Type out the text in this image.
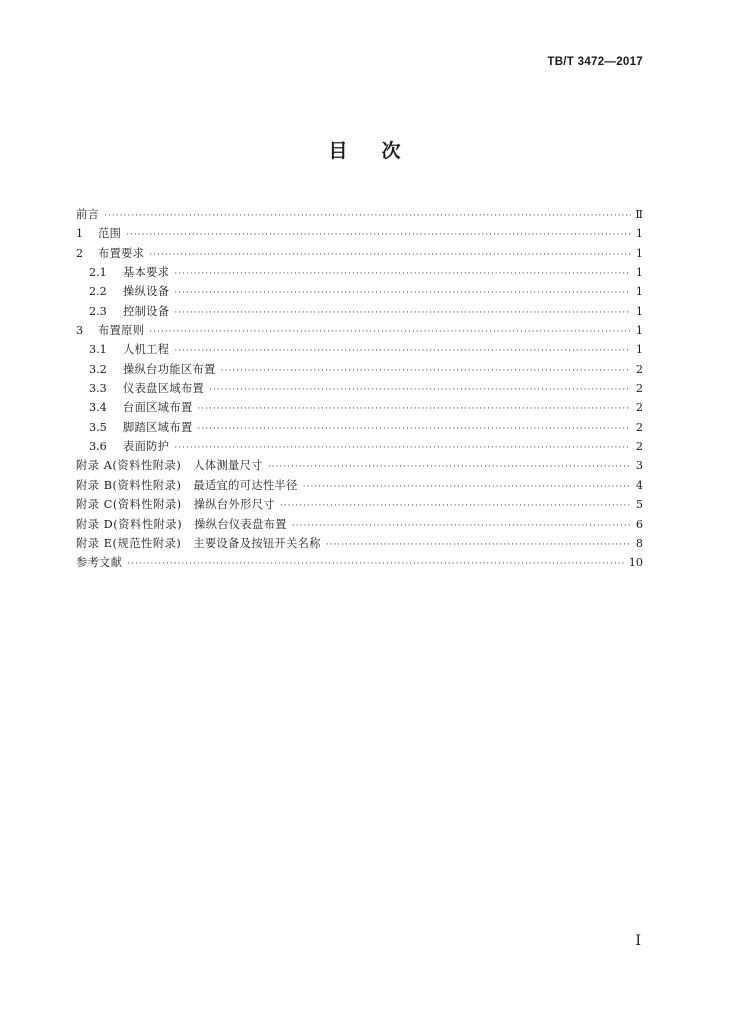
TB/T 3472—2017
目次
前言 ·····	Ⅱ
1	范围 ·····	1
2	布置要求 ·····	1
2.1	基本要求 ·····	1
2.2	操纵设备 ·····	1
2.3	控制设备 ·····	1
3	布置原则 ·····	1
3.1	人机工程 ·····	1
3.2	操纵台功能区布置 ·····	2
3.3	仪表盘区域布置 ·····	2
3.4	台面区域布置 ·····	2
3.5	脚踏区域布置 ·····	2
3.6	表面防护 ·····	2
附录 A(资料性附录) 人体测量尺寸 ·····	3
附录 B(资料性附录) 最适宜的可达性半径 ·····	4
附录 C(资料性附录) 操纵台外形尺寸 ·····	5
附录 D(资料性附录) 操纵台仪表盘布置 ·····	6
附录 E(规范性附录) 主要设备及按钮开关名称 ·····	8
参考文献 ·····	10
I
